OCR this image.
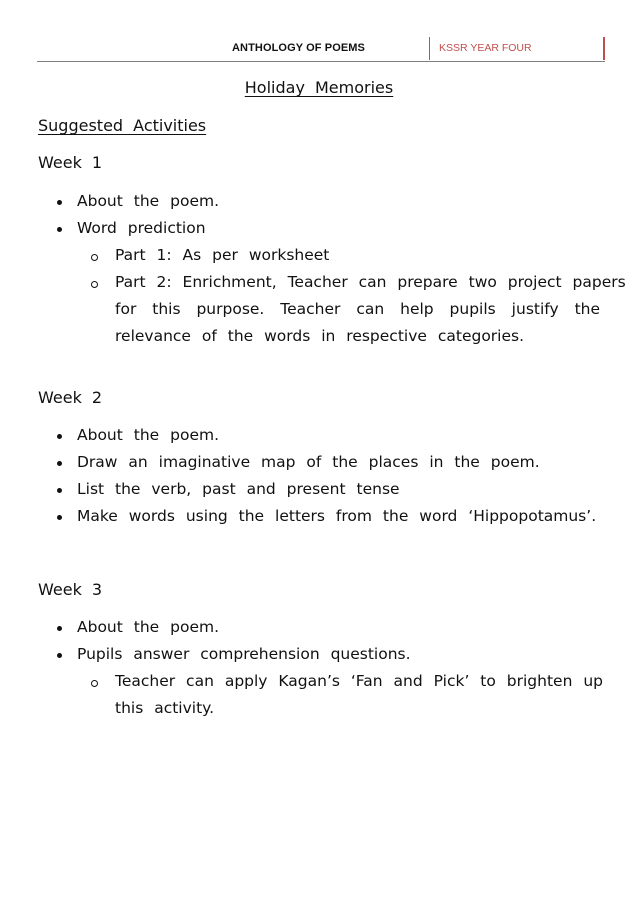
ANTHOLOGY OF POEMS	KSSR YEAR FOUR
Holiday Memories
Suggested Activities
Week 1
About the poem.
Word prediction
Part 1: As per worksheet
Part 2: Enrichment, Teacher can prepare two project papers
for this purpose. Teacher can help pupils justify the
relevance of the words in respective categories.
Week 2
About the poem.
Draw an imaginative map of the places in the poem.
List the verb, past and present tense
Make words using the letters from the word ‘Hippopotamus’.
Week 3
About the poem.
Pupils answer comprehension questions.
Teacher can apply Kagan’s ‘Fan and Pick’ to brighten up
this activity.
